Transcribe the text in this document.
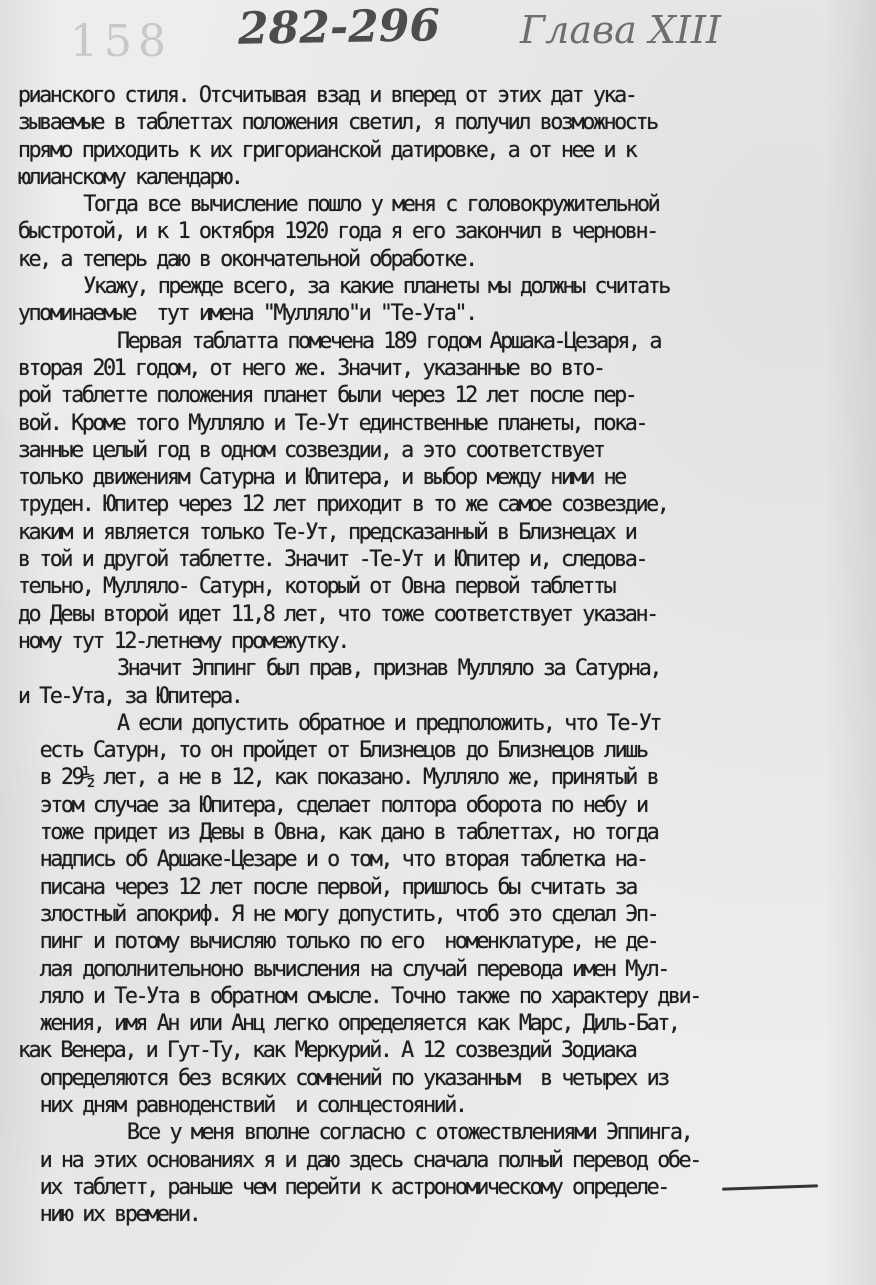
158 282-296 Глава XIII
рианского стиля. Отсчитывая взад и вперед от этих дат ука-
зываемые в таблеттах положения светил, я получил возможность
прямо приходить к их григорианской датировке, а от нее и к
юлианскому календарю.
Тогда все вычисление пошло у меня с головокружительной
быстротой, и к 1 октября 1920 года я его закончил в черновн-
ке, а теперь даю в окончательной обработке.
Укажу, прежде всего, за какие планеты мы должны считать
упоминаемые  тут имена "Мулляло"и "Те-Ута".
Первая таблатта помечена 189 годом Аршака-Цезаря, а
вторая 201 годом, от него же. Значит, указанные во вто-
рой таблетте положения планет были через 12 лет после пер-
вой. Кроме того Мулляло и Те-Ут единственные планеты, пока-
занные целый год в одном созвездии, а это соответствует
только движениям Сатурна и Юпитера, и выбор между ними не
труден. Юпитер через 12 лет приходит в то же самое созвездие,
каким и является только Те-Ут, предсказанный в Близнецах и
в той и другой таблетте. Значит -Те-Ут и Юпитер и, следова-
тельно, Мулляло- Сатурн, который от Овна первой таблетты
до Девы второй идет 11,8 лет, что тоже соответствует указан-
ному тут 12-летнему промежутку.
Значит Эппинг был прав, признав Мулляло за Сатурна,
и Те-Ута, за Юпитера.
А если допустить обратное и предположить, что Те-Ут
есть Сатурн, то он пройдет от Близнецов до Близнецов лишь
в 29½ лет, а не в 12, как показано. Мулляло же, принятый в
этом случае за Юпитера, сделает полтора оборота по небу и
тоже придет из Девы в Овна, как дано в таблеттах, но тогда
надпись об Аршаке-Цезаре и о том, что вторая таблетка на-
писана через 12 лет после первой, пришлось бы считать за
злостный апокриф. Я не могу допустить, чтоб это сделал Эп-
пинг и потому вычисляю только по его  номенклатуре, не де-
лая дополнительноно вычисления на случай перевода имен Мул-
ляло и Те-Ута в обратном смысле. Точно также по характеру дви-
жения, имя Ан или Анц легко определяется как Марс, Диль-Бат,
как Венера, и Гут-Ту, как Меркурий. А 12 созвездий Зодиака
определяются без всяких сомнений по указанным  в четырех из
них дням равноденствий  и солнцестояний.
Все у меня вполне согласно с отожествлениями Эппинга,
и на этих основаниях я и даю здесь сначала полный перевод обе-
их таблетт, раньше чем перейти к астрономическому определе-
нию их времени.
